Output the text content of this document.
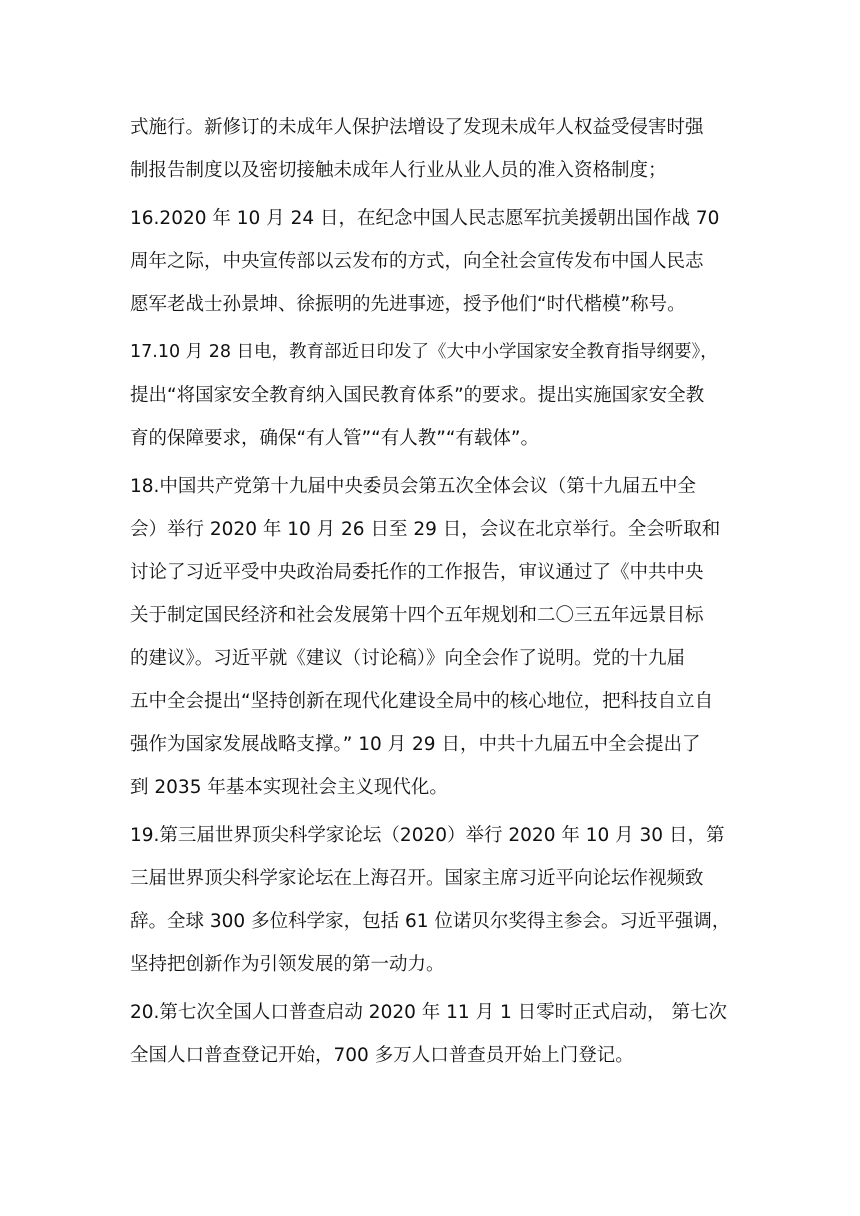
式施行。新修订的未成年人保护法增设了发现未成年人权益受侵害时强
制报告制度以及密切接触未成年人行业从业人员的准入资格制度；
16.2020 年 10 月 24 日，在纪念中国人民志愿军抗美援朝出国作战 70
周年之际，中央宣传部以云发布的方式，向全社会宣传发布中国人民志
愿军老战士孙景坤、徐振明的先进事迹，授予他们“时代楷模”称号。
17.10 月 28 日电，教育部近日印发了《大中小学国家安全教育指导纲要》，
提出“将国家安全教育纳入国民教育体系”的要求。提出实施国家安全教
育的保障要求，确保“有人管”“有人教”“有载体”。
18.中国共产党第十九届中央委员会第五次全体会议（第十九届五中全
会）举行 2020 年 10 月 26 日至 29 日，会议在北京举行。全会听取和
讨论了习近平受中央政治局委托作的工作报告，审议通过了《中共中央
关于制定国民经济和社会发展第十四个五年规划和二〇三五年远景目标
的建议》。习近平就《建议（讨论稿）》向全会作了说明。党的十九届
五中全会提出“坚持创新在现代化建设全局中的核心地位，把科技自立自
强作为国家发展战略支撑。” 10 月 29 日，中共十九届五中全会提出了
到 2035 年基本实现社会主义现代化。
19.第三届世界顶尖科学家论坛（2020）举行 2020 年 10 月 30 日，第
三届世界顶尖科学家论坛在上海召开。国家主席习近平向论坛作视频致
辞。全球 300 多位科学家，包括 61 位诺贝尔奖得主参会。习近平强调，
坚持把创新作为引领发展的第一动力。
20.第七次全国人口普查启动 2020 年 11 月 1 日零时正式启动， 第七次
全国人口普查登记开始，700 多万人口普查员开始上门登记。
